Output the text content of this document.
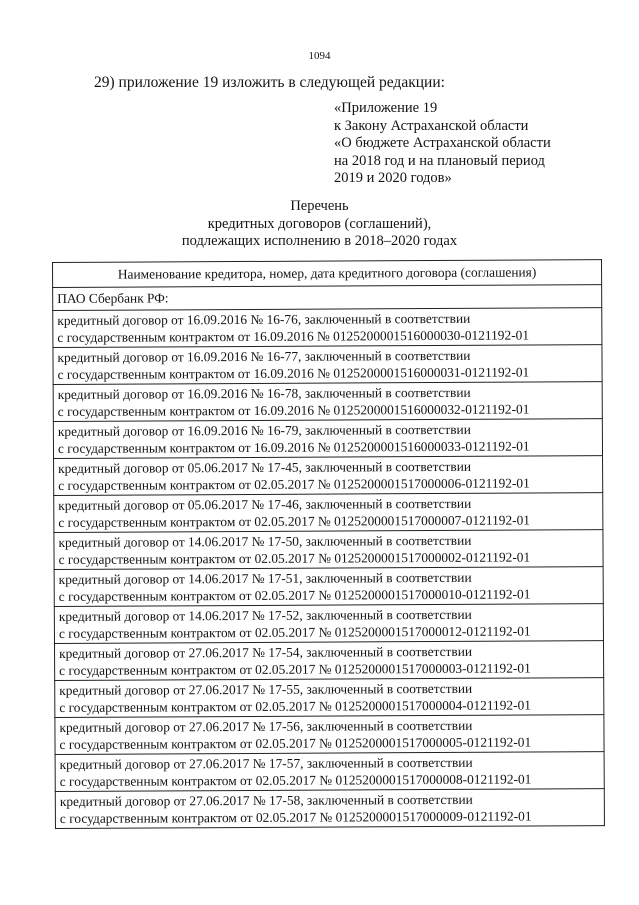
1094
29) приложение 19 изложить в следующей редакции:
«Приложение 19
к Закону Астраханской области
«О бюджете Астраханской области
на 2018 год и на плановый период
2019 и 2020 годов»
Перечень
кредитных договоров (соглашений),
подлежащих исполнению в 2018–2020 годах
Наименование кредитора, номер, дата кредитного договора (соглашения)
ПАО Сбербанк РФ:

кредитный договор от 16.09.2016 № 16-76, заключенный в соответствии
с государственным контрактом от 16.09.2016 № 0125200001516000030-0121192-01

кредитный договор от 16.09.2016 № 16-77, заключенный в соответствии
с государственным контрактом от 16.09.2016 № 0125200001516000031-0121192-01

кредитный договор от 16.09.2016 № 16-78, заключенный в соответствии
с государственным контрактом от 16.09.2016 № 0125200001516000032-0121192-01

кредитный договор от 16.09.2016 № 16-79, заключенный в соответствии
с государственным контрактом от 16.09.2016 № 0125200001516000033-0121192-01

кредитный договор от 05.06.2017 № 17-45, заключенный в соответствии
с государственным контрактом от 02.05.2017 № 0125200001517000006-0121192-01

кредитный договор от 05.06.2017 № 17-46, заключенный в соответствии
с государственным контрактом от 02.05.2017 № 0125200001517000007-0121192-01

кредитный договор от 14.06.2017 № 17-50, заключенный в соответствии
с государственным контрактом от 02.05.2017 № 0125200001517000002-0121192-01

кредитный договор от 14.06.2017 № 17-51, заключенный в соответствии
с государственным контрактом от 02.05.2017 № 0125200001517000010-0121192-01

кредитный договор от 14.06.2017 № 17-52, заключенный в соответствии
с государственным контрактом от 02.05.2017 № 0125200001517000012-0121192-01

кредитный договор от 27.06.2017 № 17-54, заключенный в соответствии
с государственным контрактом от 02.05.2017 № 0125200001517000003-0121192-01

кредитный договор от 27.06.2017 № 17-55, заключенный в соответствии
с государственным контрактом от 02.05.2017 № 0125200001517000004-0121192-01

кредитный договор от 27.06.2017 № 17-56, заключенный в соответствии
с государственным контрактом от 02.05.2017 № 0125200001517000005-0121192-01

кредитный договор от 27.06.2017 № 17-57, заключенный в соответствии
с государственным контрактом от 02.05.2017 № 0125200001517000008-0121192-01

кредитный договор от 27.06.2017 № 17-58, заключенный в соответствии
с государственным контрактом от 02.05.2017 № 0125200001517000009-0121192-01
